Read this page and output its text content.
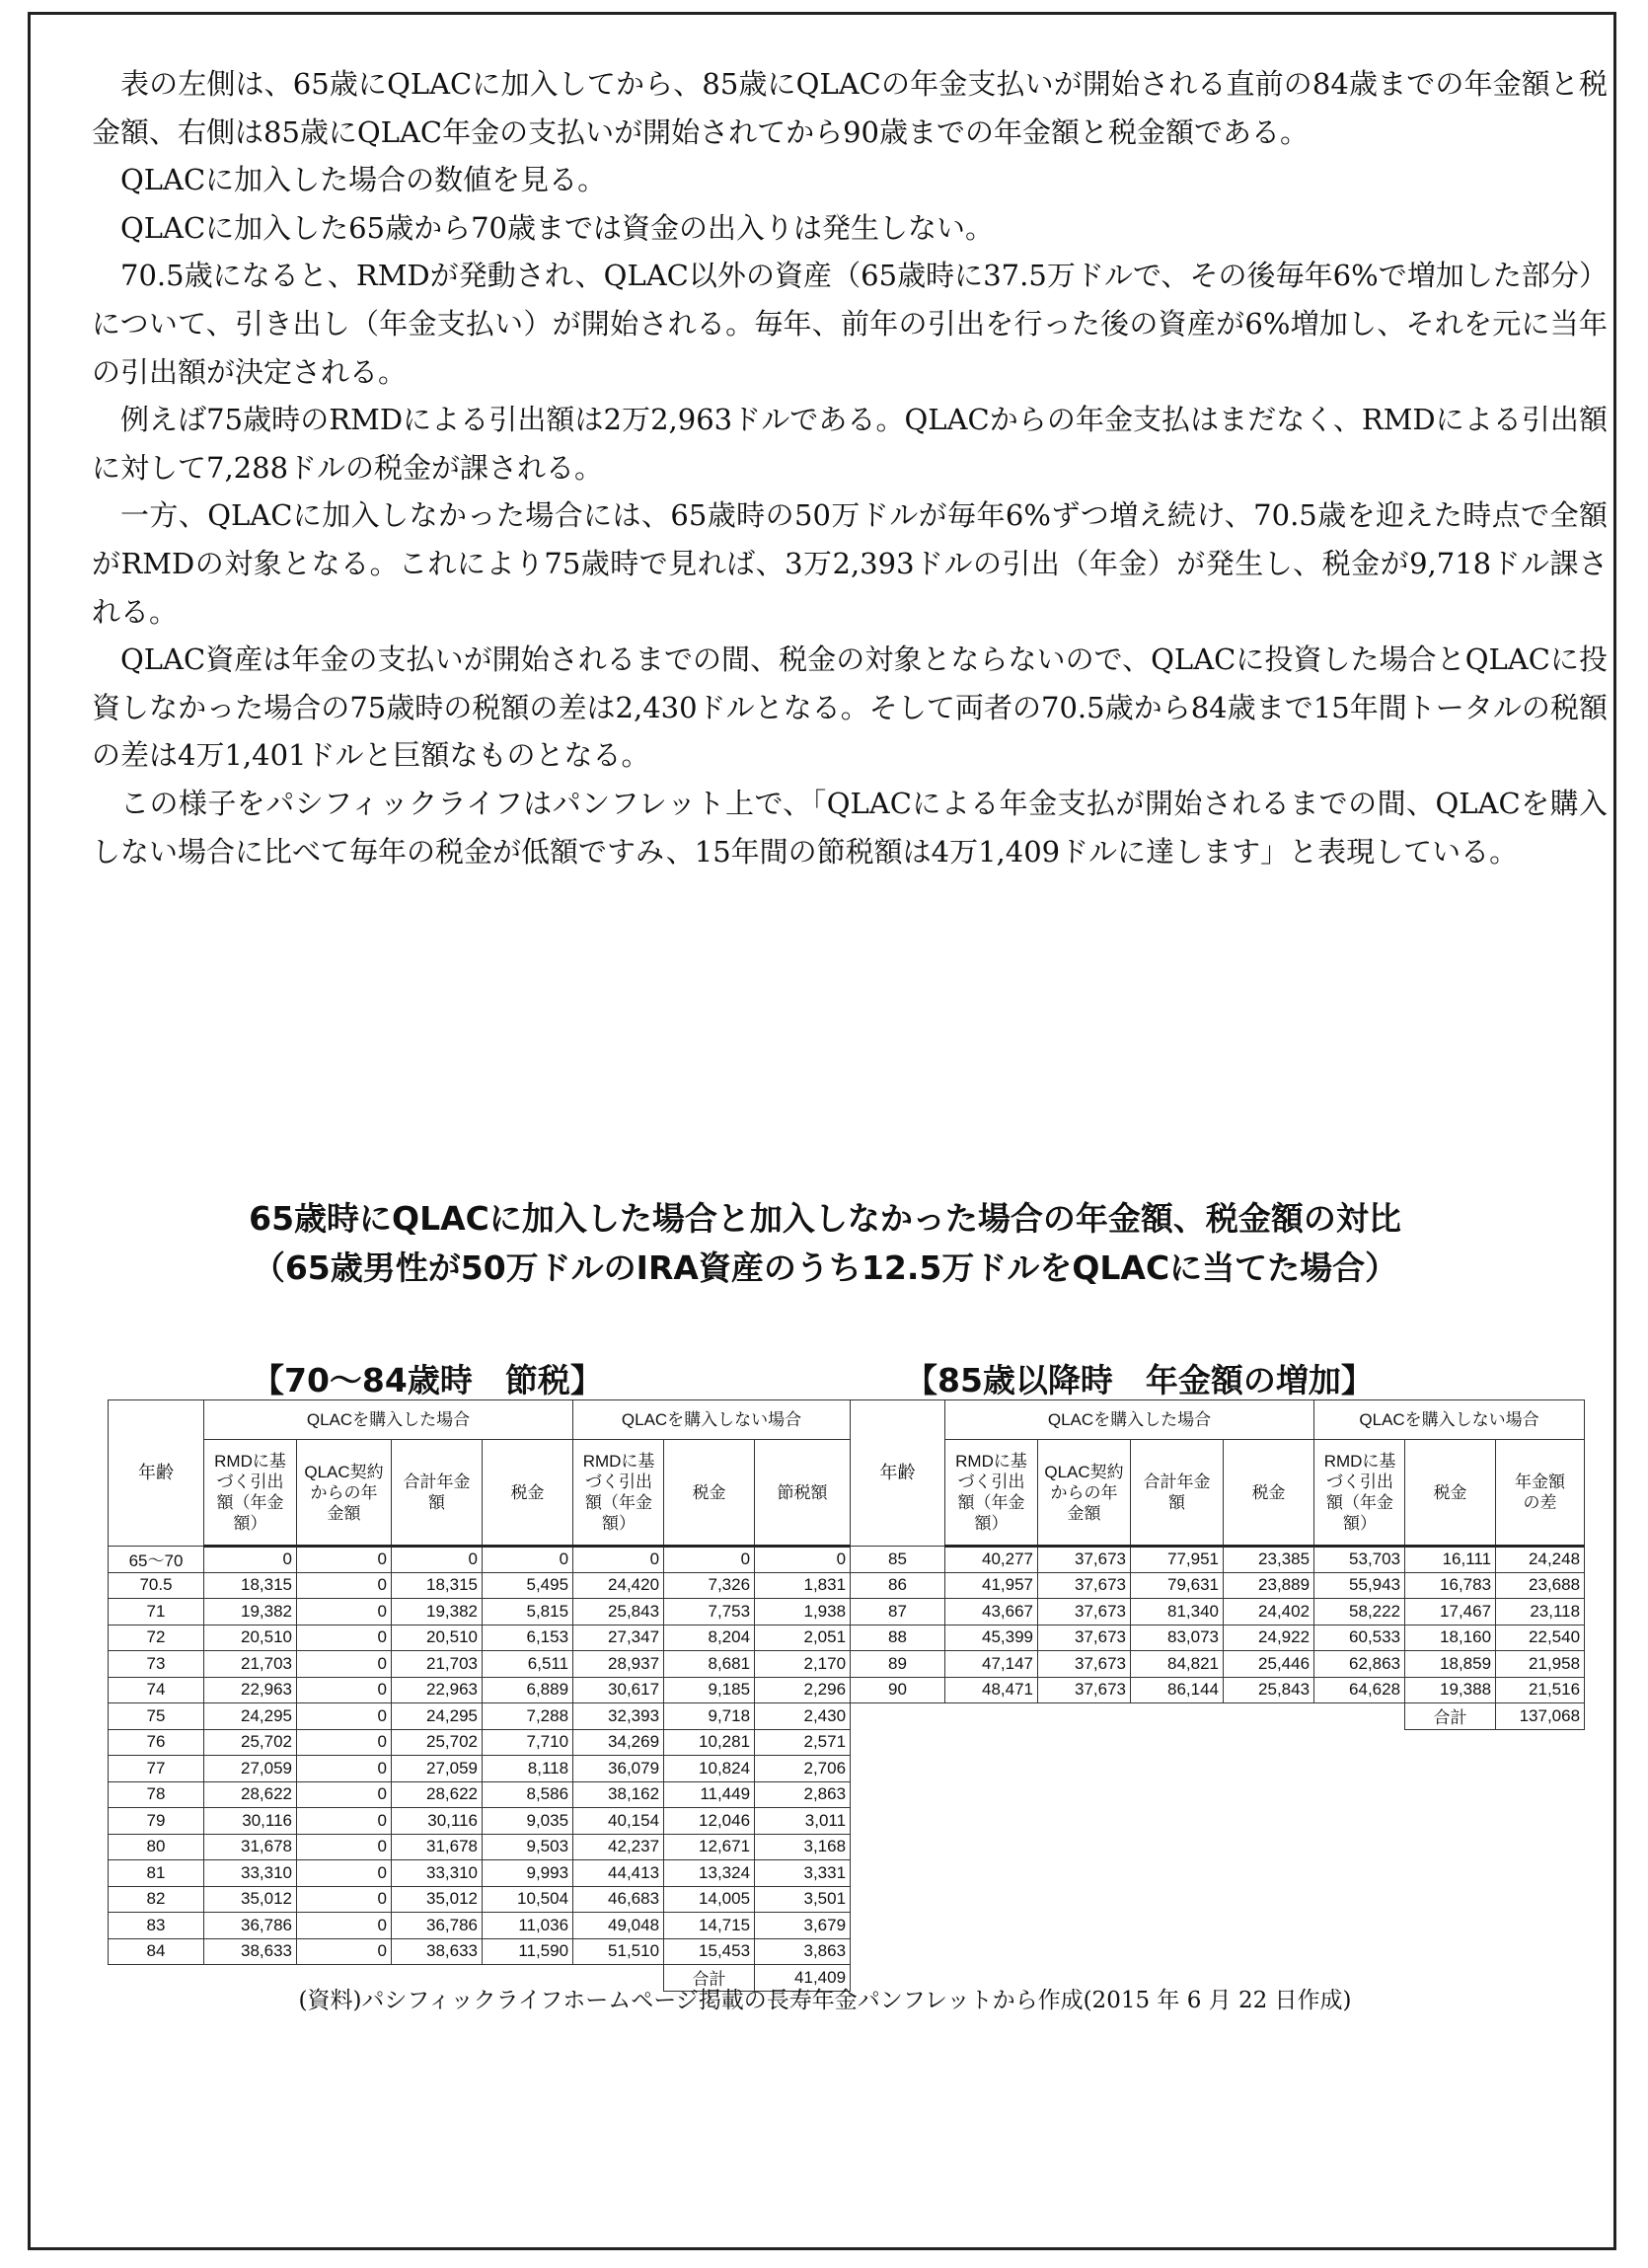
表の左側は、65歳にQLACに加入してから、85歳にQLACの年金支払いが開始される直前の84歳までの年金額と税金額、右側は85歳にQLAC年金の支払いが開始されてから90歳までの年金額と税金額である。

QLACに加入した場合の数値を見る。

QLACに加入した65歳から70歳までは資金の出入りは発生しない。

70.5歳になると、RMDが発動され、QLAC以外の資産（65歳時に37.5万ドルで、その後毎年6%で増加した部分）について、引き出し（年金支払い）が開始される。毎年、前年の引出を行った後の資産が6%増加し、それを元に当年の引出額が決定される。

例えば75歳時のRMDによる引出額は2万2,963ドルである。QLACからの年金支払はまだなく、RMDによる引出額に対して7,288ドルの税金が課される。

一方、QLACに加入しなかった場合には、65歳時の50万ドルが毎年6%ずつ増え続け、70.5歳を迎えた時点で全額がRMDの対象となる。これにより75歳時で見れば、3万2,393ドルの引出（年金）が発生し、税金が9,718ドル課される。

QLAC資産は年金の支払いが開始されるまでの間、税金の対象とならないので、QLACに投資した場合とQLACに投資しなかった場合の75歳時の税額の差は2,430ドルとなる。そして両者の70.5歳から84歳まで15年間トータルの税額の差は4万1,401ドルと巨額なものとなる。

この様子をパシフィックライフはパンフレット上で、「QLACによる年金支払が開始されるまでの間、QLACを購入しない場合に比べて毎年の税金が低額ですみ、15年間の節税額は4万1,409ドルに達します」と表現している。

65歳時にQLACに加入した場合と加入しなかった場合の年金額、税金額の対比
（65歳男性が50万ドルのIRA資産のうち12.5万ドルをQLACに当てた場合）
【70～84歳時　節税】	【85歳以降時　年金額の増加】
年齢	QLACを購入した場合				QLACを購入しない場合		

	RMDに基づく引出額（年金額）	QLAC契約からの年金額	合計年金額	税金	RMDに基づく引出額（年金額）	税金	節税額
65～70	0	0	0	0	0	0	0
70.5	18,315	0	18,315	5,495	24,420	7,326	1,831
71	19,382	0	19,382	5,815	25,843	7,753	1,938
72	20,510	0	20,510	6,153	27,347	8,204	2,051
73	21,703	0	21,703	6,511	28,937	8,681	2,170
74	22,963	0	22,963	6,889	30,617	9,185	2,296
75	24,295	0	24,295	7,288	32,393	9,718	2,430
76	25,702	0	25,702	7,710	34,269	10,281	2,571
77	27,059	0	27,059	8,118	36,079	10,824	2,706
78	28,622	0	28,622	8,586	38,162	11,449	2,863
79	30,116	0	30,116	9,035	40,154	12,046	3,011
80	31,678	0	31,678	9,503	42,237	12,671	3,168
81	33,310	0	33,310	9,993	44,413	13,324	3,331
82	35,012	0	35,012	10,504	46,683	14,005	3,501
83	36,786	0	36,786	11,036	49,048	14,715	3,679
84	38,633	0	38,633	11,590	51,510	15,453	3,863
						合計	41,409
年齢	QLACを購入した場合				QLACを購入しない場合		

	RMDに基づく引出額（年金額）	QLAC契約からの年金額	合計年金額	税金	RMDに基づく引出額（年金額）	税金	年金額の差

85	40,277	37,673	77,951	23,385	53,703	16,111	24,248
86	41,957	37,673	79,631	23,889	55,943	16,783	23,688
87	43,667	37,673	81,340	24,402	58,222	17,467	23,118
88	45,399	37,673	83,073	24,922	60,533	18,160	22,540
89	47,147	37,673	84,821	25,446	62,863	18,859	21,958
90	48,471	37,673	86,144	25,843	64,628	19,388	21,516
						合計	137,068
(資料)パシフィックライフホームページ掲載の長寿年金パンフレットから作成(2015 年 6 月 22 日作成)
